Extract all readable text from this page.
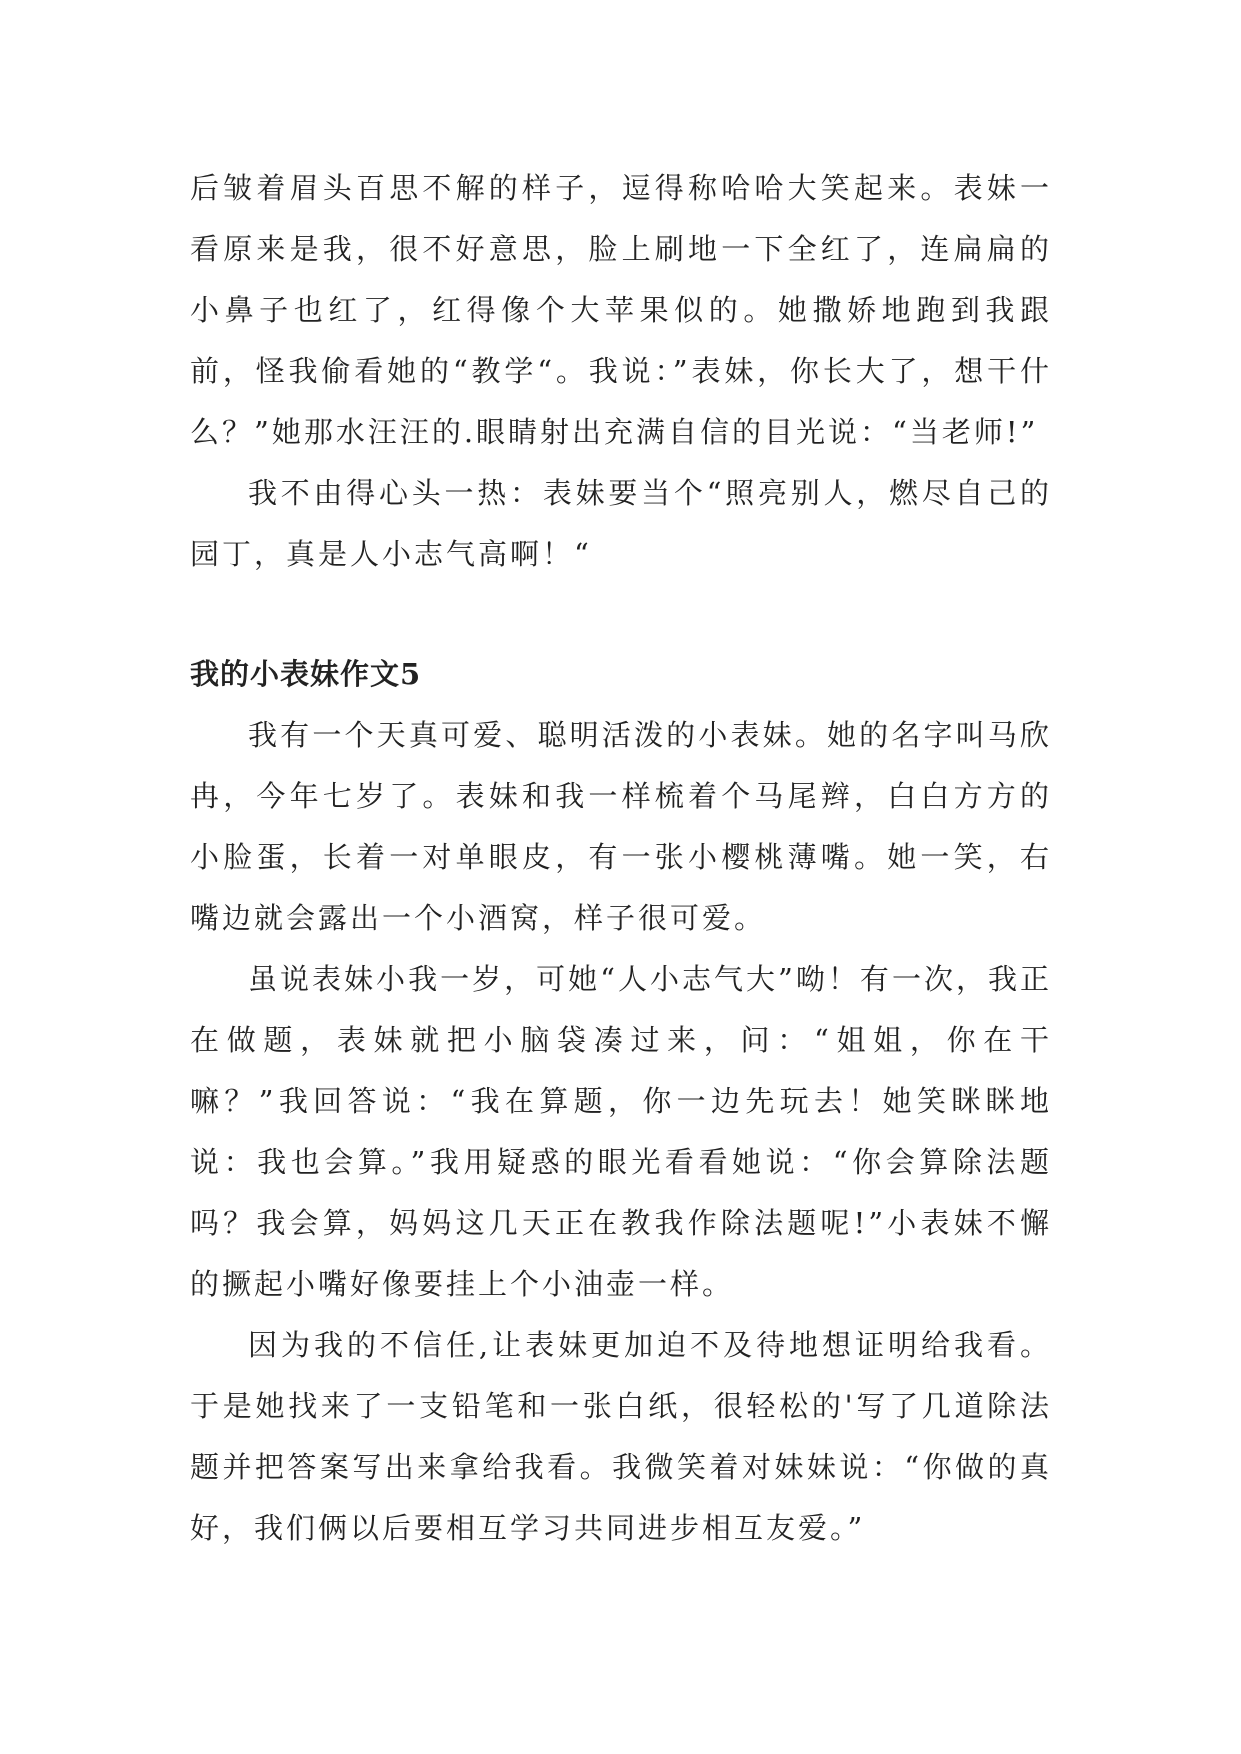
后皱着眉头百思不解的样子，逗得称哈哈大笑起来。表妹一看原来是我，很不好意思，脸上刷地一下全红了，连扁扁的小鼻子也红了，红得像个大苹果似的。她撒娇地跑到我跟前，怪我偷看她的“教学“。我说：”表妹，你长大了，想干什么？”她那水汪汪的.眼睛射出充满自信的目光说：“当老师!”

我不由得心头一热：表妹要当个“照亮别人，燃尽自己的园丁，真是人小志气高啊！“

我的小表妹作文5

我有一个天真可爱、聪明活泼的小表妹。她的名字叫马欣冉，今年七岁了。表妹和我一样梳着个马尾辫，白白方方的小脸蛋，长着一对单眼皮，有一张小樱桃薄嘴。她一笑，右嘴边就会露出一个小酒窝，样子很可爱。

虽说表妹小我一岁，可她“人小志气大”呦！有一次，我正在做题，表妹就把小脑袋凑过来，问：“姐姐，你在干嘛？”我回答说：“我在算题，你一边先玩去！她笑眯眯地说：我也会算。”我用疑惑的眼光看看她说：“你会算除法题吗？我会算，妈妈这几天正在教我作除法题呢!”小表妹不懈的撅起小嘴好像要挂上个小油壶一样。

因为我的不信任,让表妹更加迫不及待地想证明给我看。于是她找来了一支铅笔和一张白纸，很轻松的'写了几道除法题并把答案写出来拿给我看。我微笑着对妹妹说：“你做的真好，我们俩以后要相互学习共同进步相互友爱。”
